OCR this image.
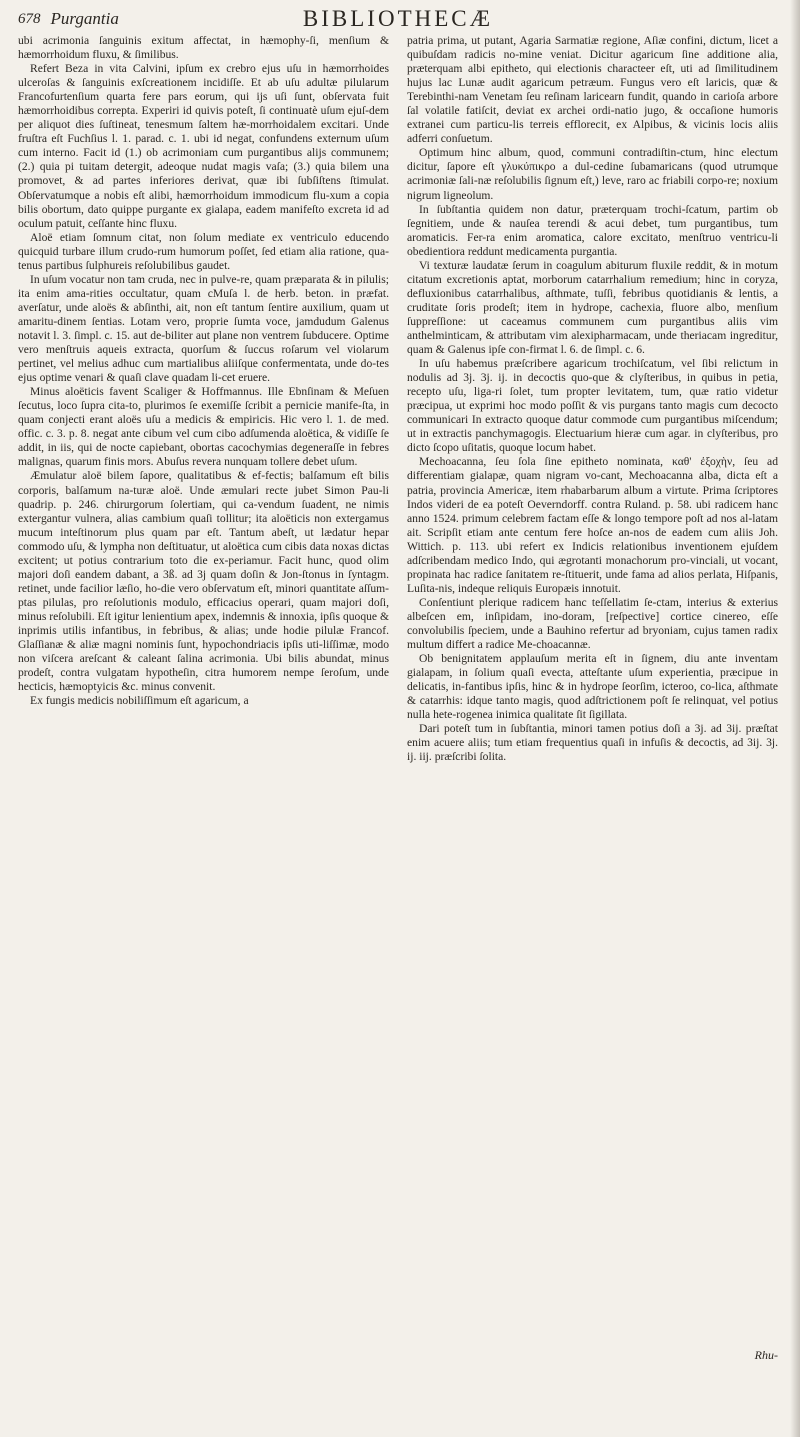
678 Purgantia	BIBLIOTHECÆ

ubi acrimonia ſanguinis exitum affectat, in hæmophy-ſi, menſium & hæmorrhoidum fluxu, & ſimilibus.

Refert Beza in vita Calvini, ipſum ex crebro ejus uſu in hæmorrhoides ulceroſas & ſanguinis exſcreationem incidiſſe. Et ab uſu adultæ pilularum Francofurtenſium quarta fere pars eorum, qui ijs uſi ſunt, obſervata fuit hæmorrhoidibus correpta. Experiri id quivis poteſt, ſi continuatè uſum ejuſ-dem per aliquot dies ſuſtineat, tenesmum ſaltem hæ-morrhoidalem excitari. Unde fruſtra eſt Fuchſius l. 1. parad. c. 1. ubi id negat, confundens externum uſum cum interno. Facit id (1.) ob acrimoniam cum purgantibus alijs communem; (2.) quia pi tuitam detergit, adeoque nudat magis vaſa; (3.) quia bilem una promovet, & ad partes inferiores derivat, quæ ibi ſubſiſtens ſtimulat. Obſervatumque a nobis eſt alibi, hæmorrhoidum immodicum flu-xum a copia bilis obortum, dato quippe purgante ex gialapa, eadem manifeſto excreta id ad oculum patuit, ceſſante hinc fluxu.

Aloë etiam ſomnum citat, non ſolum mediate ex ventriculo educendo quicquid turbare illum crudo-rum humorum poſſet, ſed etiam alia ratione, qua-tenus partibus ſulphureis reſolubilibus gaudet.

In uſum vocatur non tam cruda, nec in pulve-re, quam præparata & in pilulis; ita enim ama-rities occultatur, quam cMuſa l. de herb. beton. in præfat. averſatur, unde aloës & abſinthi, ait, non eſt tantum ſentire auxilium, quam ut amaritu-dinem ſentias. Lotam vero, proprie ſumta voce, jamdudum Galenus notavit l. 3. ſimpl. c. 15. aut de-biliter aut plane non ventrem ſubducere. Optime vero menſtruis aqueis extracta, quorſum & ſuccus roſarum vel violarum pertinet, vel melius adhuc cum martialibus aliiſque confermentata, unde do-tes ejus optime venari & quaſi clave quadam li-cet eruere.

Minus aloëticis favent Scaliger & Hoffmannus. Ille Ebnſinam & Meſuen ſecutus, loco ſupra cita-to, plurimos ſe exemiſſe ſcribit a pernicie manife-ſta, in quam conjecti erant aloës uſu a medicis & empiricis. Hic vero l. 1. de med. offic. c. 3. p. 8. negat ante cibum vel cum cibo adſumenda aloëtica, & vidiſſe ſe addit, in iis, qui de nocte capiebant, obortas cacochymias degeneraſſe in febres malignas, quarum finis mors. Abuſus revera nunquam tollere debet uſum.

Æmulatur aloë bilem ſapore, qualitatibus & ef-fectis; balſamum eſt bilis corporis, balſamum na-turæ aloë. Unde æmulari recte jubet Simon Pau-li quadrip. p. 246. chirurgorum ſolertiam, qui ca-vendum ſuadent, ne nimis extergantur vulnera, alias cambium quaſi tollitur; ita aloëticis non extergamus mucum inteſtinorum plus quam par eſt. Tantum abeſt, ut lædatur hepar commodo uſu, & lympha non deſtituatur, ut aloëtica cum cibis data noxas dictas excitent; ut potius contrarium toto die ex-periamur. Facit hunc, quod olim majori doſi eandem dabant, a 3ß. ad 3j quam doſin & Jon-ſtonus in ſyntagm. retinet, unde facilior læſio, ho-die vero obſervatum eſt, minori quantitate aſſum-ptas pilulas, pro reſolutionis modulo, efficacius operari, quam majori doſi, minus reſolubili. Eſt igitur lenientium apex, indemnis & innoxia, ipſis quoque & inprimis utilis infantibus, in febribus, & alias; unde hodie pilulæ Francof. Glaſſianæ & aliæ magni nominis ſunt, hypochondriacis ipſis uti-liſſimæ, modo non viſcera areſcant & caleant ſalina acrimonia. Ubi bilis abundat, minus prodeſt, contra vulgatam hypotheſin, citra humorem nempe ſeroſum, unde hecticis, hæmoptyicis &c. minus convenit.

Ex fungis medicis nobiliſſimum eſt agaricum, a

patria prima, ut putant, Agaria Sarmatiæ regione, Aſiæ confini, dictum, licet a quibuſdam radicis no-mine veniat. Dicitur agaricum ſine additione alia, præterquam albi epitheto, qui electionis characteer eſt, uti ad ſimilitudinem hujus lac Lunæ audit agaricum petræum. Fungus vero eſt laricis, quæ & Terebinthi-nam Venetam ſeu reſinam laricearn fundit, quando in carioſa arbore ſal volatile fatiſcit, deviat ex archei ordi-natio jugo, & occaſione humoris extranei cum particu-lis terreis efflorecit, ex Alpibus, & vicinis locis aliis adferri conſuetum.

Optimum hinc album, quod, communi contradiſtin-ctum, hinc electum dicitur, ſapore eſt γλυκύπικρο a dul-cedine ſubamaricans (quod utrumque acrimoniæ ſali-næ reſolubilis ſignum eſt,) leve, raro ac friabili corpo-re; noxium nigrum ligneolum.

In ſubſtantia quidem non datur, præterquam trochi-ſcatum, partim ob ſegnitiem, unde & nauſea terendi & acui debet, tum purgantibus, tum aromaticis. Fer-ra enim aromatica, calore excitato, menſtruo ventricu-li obedientiora reddunt medicamenta purgantia.

Vi texturæ laudatæ ſerum in coagulum abiturum fluxile reddit, & in motum citatum excretionis aptat, morborum catarrhalium remedium; hinc in coryza, defluxionibus catarrhalibus, aſthmate, tuſſi, febribus quotidianis & lentis, a cruditate ſoris prodeſt; item in hydrope, cachexia, fluore albo, menſium ſuppreſſione: ut caceamus communem cum purgantibus aliis vim anthelminticam, & attributam vim alexipharmacam, unde theriacam ingreditur, quam & Galenus ipſe con-firmat l. 6. de ſimpl. c. 6.

In uſu habemus præſcribere agaricum trochiſcatum, vel ſibi relictum in nodulis ad 3j. 3j. ij. in decoctis quo-que & clyſteribus, in quibus in petia, recepto uſu, liga-ri ſolet, tum propter levitatem, tum, quæ ratio videtur præcipua, ut exprimi hoc modo poſſit & vis purgans tanto magis cum decocto communicari In extracto quoque datur commode cum purgantibus miſcendum; ut in extractis panchymagogis. Electuarium hieræ cum agar. in clyſteribus, pro dicto ſcopo uſitatis, quoque locum habet.

Mechoacanna, ſeu ſola ſine epitheto nominata, καθ' ἐξοχὴν, ſeu ad differentiam gialapæ, quam nigram vo-cant, Mechoacanna alba, dicta eſt a patria, provincia Americæ, item rhabarbarum album a virtute. Prima ſcriptores Indos videri de ea poteſt Oeverndorff. contra Ruland. p. 58. ubi radicem hanc anno 1524. primum celebrem factam eſſe & longo tempore poſt ad nos al-latam ait. Scripſit etiam ante centum fere hoſce an-nos de eadem cum aliis Joh. Wittich. p. 113. ubi refert ex Indicis relationibus inventionem ejuſdem adſcribendam medico Indo, qui ægrotanti monachorum pro-vinciali, ut vocant, propinata hac radice ſanitatem re-ſtituerit, unde fama ad alios perlata, Hiſpanis, Luſita-nis, indeque reliquis Europæis innotuit.

Conſentiunt plerique radicem hanc teſſellatim ſe-ctam, interius & exterius albeſcen em, inſipidam, ino-doram, [reſpective] cortice cinereo, eſſe convolubilis ſpeciem, unde a Bauhino refertur ad bryoniam, cujus tamen radix multum differt a radice Me-choacannæ.

Ob benignitatem applauſum merita eſt in ſignem, diu ante inventam gialapam, in ſolium quaſi evecta, atteſtante uſum experientia, præcipue in delicatis, in-fantibus ipſis, hinc & in hydrope ſeorſim, icteroo, co-lica, aſthmate & catarrhis: idque tanto magis, quod adſtrictionem poſt ſe relinquat, vel potius nulla hete-rogenea inimica qualitate ſit ſigillata.

Dari poteſt tum in ſubſtantia, minori tamen potius doſi a 3j. ad 3ij. præſtat enim acuere aliis; tum etiam frequentius quaſi in infuſis & decoctis, ad 3ij. 3j. ij. iij. præſcribi ſolita.

Rhu-
